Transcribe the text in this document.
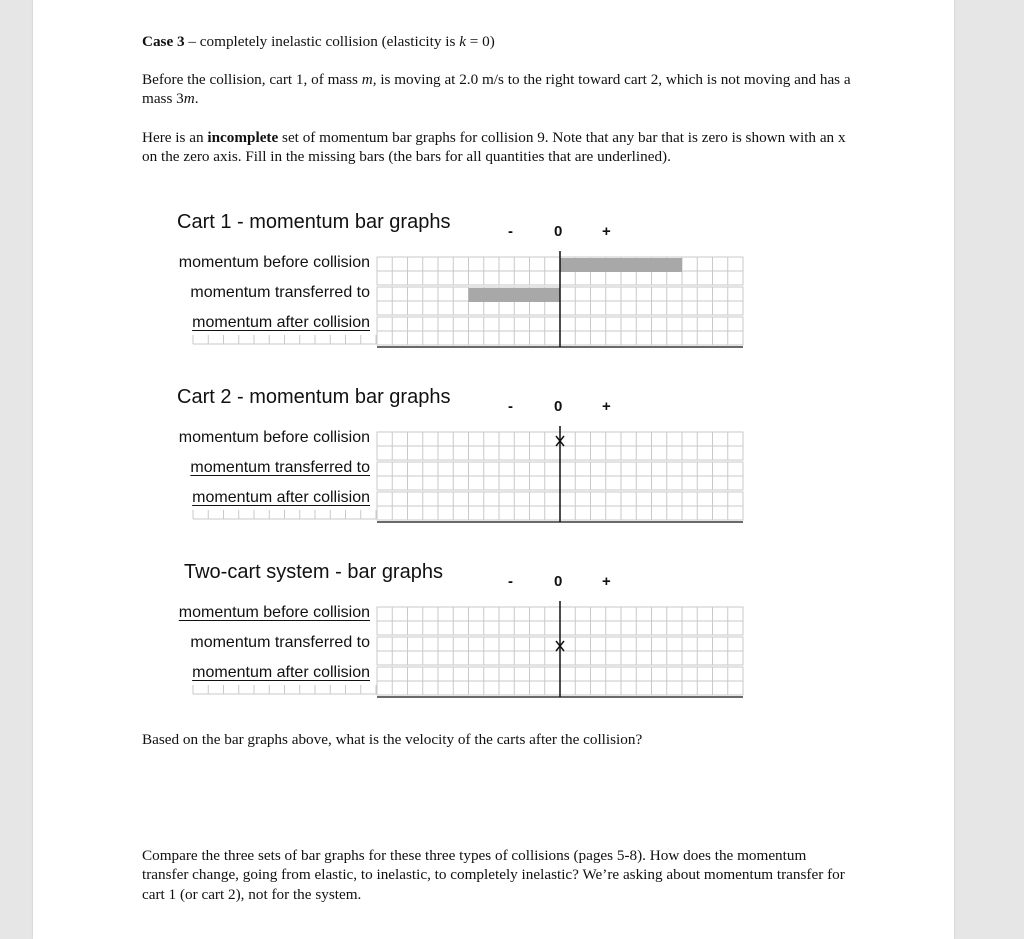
Case 3 – completely inelastic collision (elasticity is k = 0)

Before the collision, cart 1, of mass m, is moving at 2.0 m/s to the right toward cart 2, which is not moving and has a mass 3m.

Here is an incomplete set of momentum bar graphs for collision 9. Note that any bar that is zero is shown with an x on the zero axis. Fill in the missing bars (the bars for all quantities that are underlined).

Cart 1 - momentum bar graphs	-	0	+
momentum before collision
momentum transferred to
momentum after collision
Cart 2 - momentum bar graphs	-	0	+
momentum before collision
momentum transferred to
momentum after collision
Two-cart system - bar graphs	-	0	+
momentum before collision
momentum transferred to
momentum after collision

Based on the bar graphs above, what is the velocity of the carts after the collision?

Compare the three sets of bar graphs for these three types of collisions (pages 5-8). How does the momentum transfer change, going from elastic, to inelastic, to completely inelastic? We’re asking about momentum transfer for cart 1 (or cart 2), not for the system.
